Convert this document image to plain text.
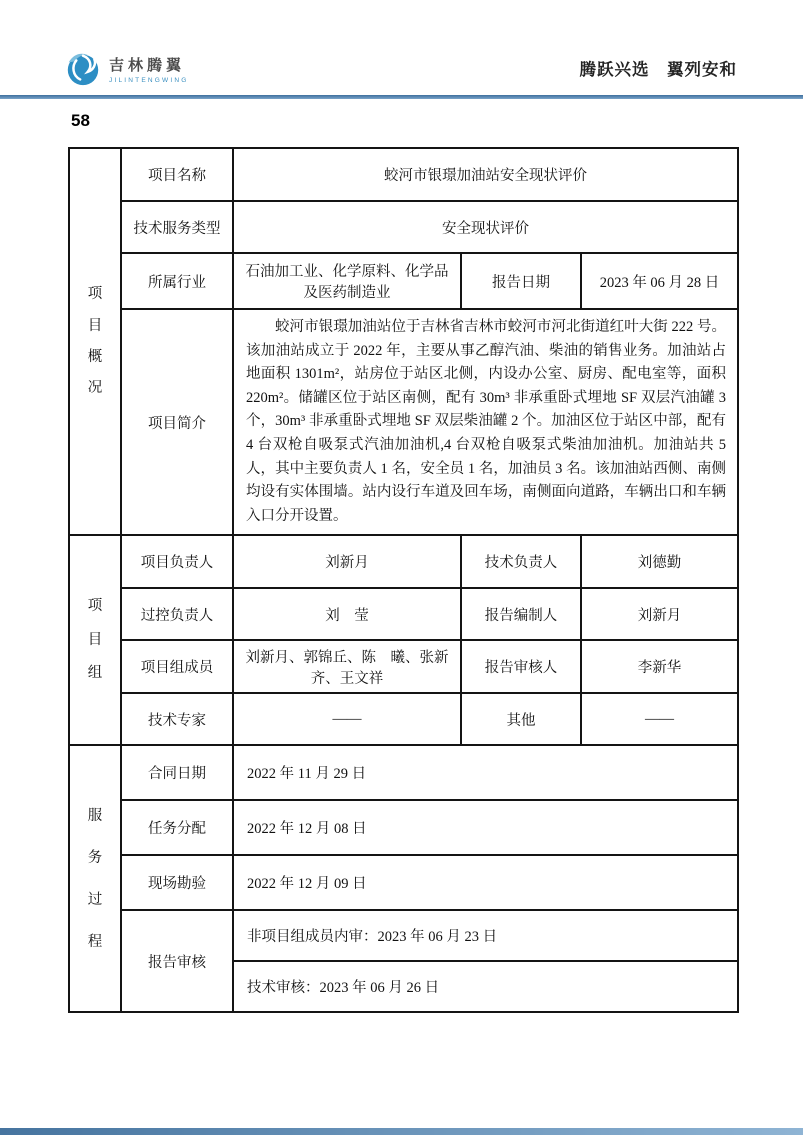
吉林腾翼
JILINTENGWING
腾跃兴选　翼列安和
58
项目概况	项目名称	蛟河市银璟加油站安全现状评价		
	技术服务类型	安全现状评价		
	所属行业	石油加工业、化学原料、化学品及医药制造业	报告日期	2023 年 06 月 28 日
	项目简介	蛟河市银璟加油站位于吉林省吉林市蛟河市河北街道红叶大街 222 号。该加油站成立于 2022 年，主要从事乙醇汽油、柴油的销售业务。加油站占地面积 1301m²，站房位于站区北侧，内设办公室、厨房、配电室等，面积 220m²。储罐区位于站区南侧，配有 30m³ 非承重卧式埋地 SF 双层汽油罐 3 个，30m³ 非承重卧式埋地 SF 双层柴油罐 2 个。加油区位于站区中部，配有 4 台双枪自吸泵式汽油加油机,4 台双枪自吸泵式柴油加油机。加油站共 5 人，其中主要负责人 1 名，安全员 1 名，加油员 3 名。该加油站西侧、南侧均设有实体围墙。站内设行车道及回车场，南侧面向道路，车辆出口和车辆入口分开设置。		

项目组	项目负责人	刘新月	技术负责人	刘德勤
	过控负责人	刘　莹	报告编制人	刘新月
	项目组成员	刘新月、郭锦丘、陈　曦、张新齐、王文祥	报告审核人	李新华
	技术专家	——	其他	——

服务过程	合同日期	2022 年 11 月 29 日		
	任务分配	2022 年 12 月 08 日		
	现场勘验	2022 年 12 月 09 日		
	报告审核	非项目组成员内审：2023 年 06 月 23 日		
		技术审核：2023 年 06 月 26 日		
